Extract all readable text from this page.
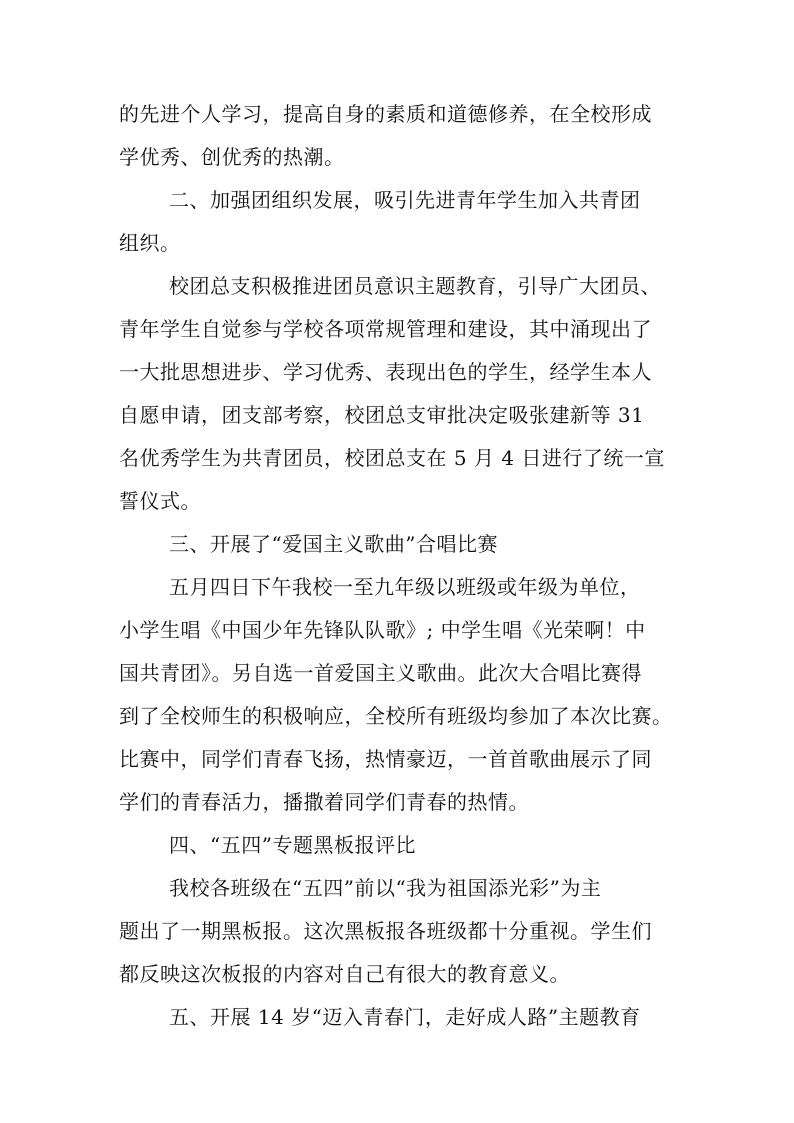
的先进个人学习，提高自身的素质和道德修养，在全校形成
学优秀、创优秀的热潮。
二、加强团组织发展，吸引先进青年学生加入共青团
组织。
校团总支积极推进团员意识主题教育，引导广大团员、
青年学生自觉参与学校各项常规管理和建设，其中涌现出了
一大批思想进步、学习优秀、表现出色的学生，经学生本人
自愿申请，团支部考察，校团总支审批决定吸张建新等 31
名优秀学生为共青团员，校团总支在 5 月 4 日进行了统一宣
誓仪式。
三、开展了“爱国主义歌曲”合唱比赛
五月四日下午我校一至九年级以班级或年级为单位，
小学生唱《中国少年先锋队队歌》; 中学生唱《光荣啊！中
国共青团》。另自选一首爱国主义歌曲。此次大合唱比赛得
到了全校师生的积极响应，全校所有班级均参加了本次比赛。
比赛中，同学们青春飞扬，热情豪迈，一首首歌曲展示了同
学们的青春活力，播撒着同学们青春的热情。
四、“五四”专题黑板报评比
我校各班级在“五四”前以“我为祖国添光彩”为主
题出了一期黑板报。这次黑板报各班级都十分重视。学生们
都反映这次板报的内容对自己有很大的教育意义。
五、开展 14 岁“迈入青春门，走好成人路”主题教育
